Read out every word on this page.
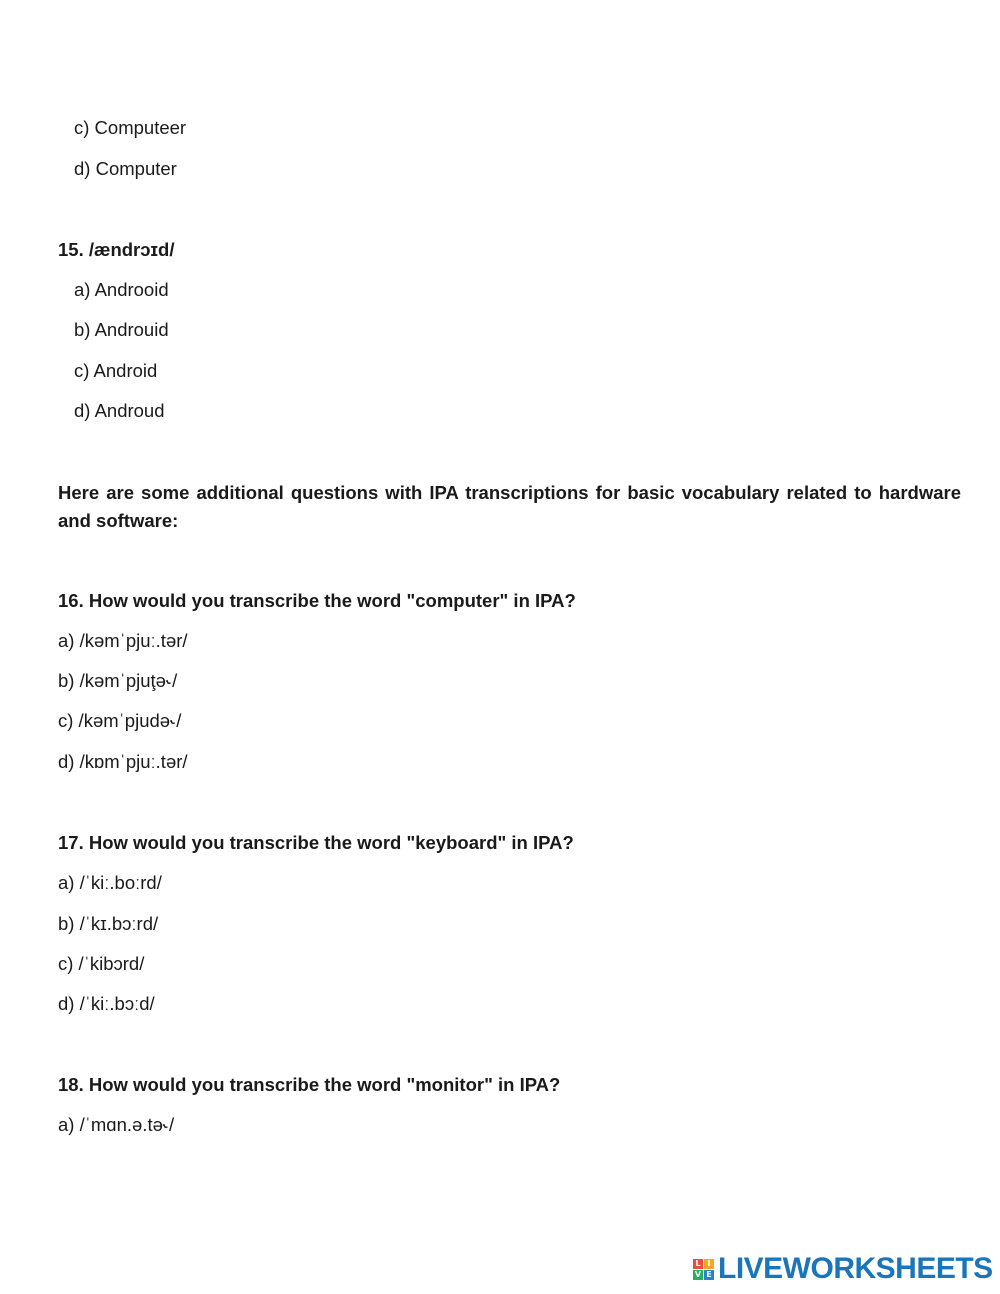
c) Computeer
d) Computer
15. /ændrɔɪd/
a) Androoid
b) Androuid
c) Android
d) Androud
Here are some additional questions with IPA transcriptions for basic vocabulary related to hardware and software:
16. How would you transcribe the word "computer" in IPA?
a) /kəmˈpjuː.tər/
b) /kəmˈpjuţə˞/
c) /kəmˈpjudə˞/
d) /kɒmˈpjuː.tər/
17. How would you transcribe the word "keyboard" in IPA?
a) /ˈkiː.boːrd/
b) /ˈkɪ.bɔːrd/
c) /ˈkibɔrd/
d) /ˈkiː.bɔːd/
18. How would you transcribe the word "monitor" in IPA?
a) /ˈmɑn.ə.tə˞/
L I
V E LIVEWORKSHEETS
